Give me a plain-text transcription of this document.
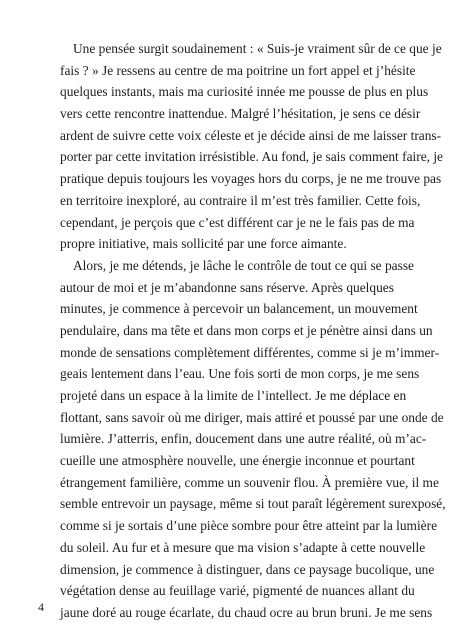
Une pensée surgit soudainement : « Suis-je vraiment sûr de ce que je
fais ? » Je ressens au centre de ma poitrine un fort appel et j’hésite
quelques instants, mais ma curiosité innée me pousse de plus en plus
vers cette rencontre inattendue. Malgré l’hésitation, je sens ce désir
ardent de suivre cette voix céleste et je décide ainsi de me laisser trans-
porter par cette invitation irrésistible. Au fond, je sais comment faire, je
pratique depuis toujours les voyages hors du corps, je ne me trouve pas
en territoire inexploré, au contraire il m’est très familier. Cette fois,
cependant, je perçois que c’est différent car je ne le fais pas de ma
propre initiative, mais sollicité par une force aimante.
Alors, je me détends, je lâche le contrôle de tout ce qui se passe
autour de moi et je m’abandonne sans réserve. Après quelques
minutes, je commence à percevoir un balancement, un mouvement
pendulaire, dans ma tête et dans mon corps et je pénètre ainsi dans un
monde de sensations complètement différentes, comme si je m’immer-
geais lentement dans l’eau. Une fois sorti de mon corps, je me sens
projeté dans un espace à la limite de l’intellect. Je me déplace en
flottant, sans savoir où me diriger, mais attiré et poussé par une onde de
lumière. J’atterris, enfin, doucement dans une autre réalité, où m’ac-
cueille une atmosphère nouvelle, une énergie inconnue et pourtant
étrangement familière, comme un souvenir flou. À première vue, il me
semble entrevoir un paysage, même si tout paraît légèrement surexposé,
comme si je sortais d’une pièce sombre pour être atteint par la lumière
du soleil. Au fur et à mesure que ma vision s’adapte à cette nouvelle
dimension, je commence à distinguer, dans ce paysage bucolique, une
végétation dense au feuillage varié, pigmenté de nuances allant du
jaune doré au rouge écarlate, du chaud ocre au brun bruni. Je me sens
4
